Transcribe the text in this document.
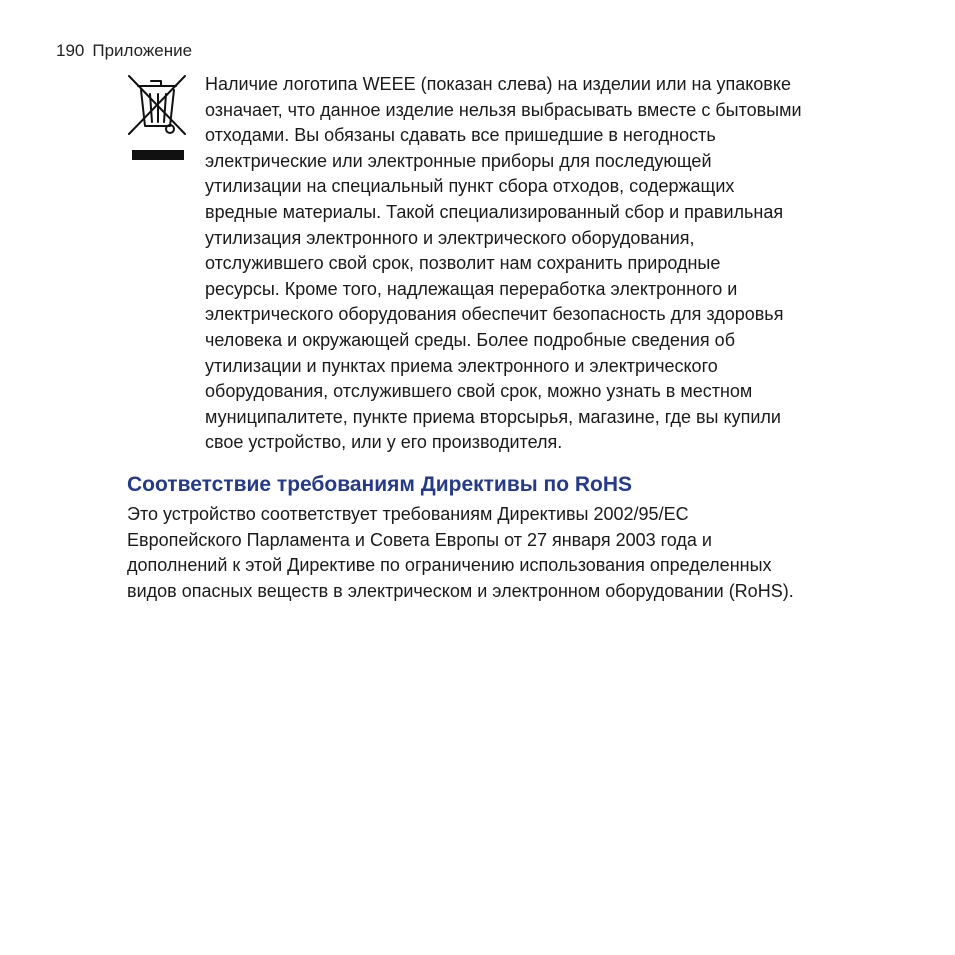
190 Приложение
Наличие логотипа WEEE (показан слева) на изделии или на упаковке
означает, что данное изделие нельзя выбрасывать вместе с бытовыми
отходами. Вы обязаны сдавать все пришедшие в негодность
электрические или электронные приборы для последующей
утилизации на специальный пункт сбора отходов, содержащих
вредные материалы. Такой специализированный сбор и правильная
утилизация электронного и электрического оборудования,
отслужившего свой срок, позволит нам сохранить природные
ресурсы. Кроме того, надлежащая переработка электронного и
электрического оборудования обеспечит безопасность для здоровья
человека и окружающей среды. Более подробные сведения об
утилизации и пунктах приема электронного и электрического
оборудования, отслужившего свой срок, можно узнать в местном
муниципалитете, пункте приема вторсырья, магазине, где вы купили
свое устройство, или у его производителя.
Соответствие требованиям Директивы по RoHS
Это устройство соответствует требованиям Директивы 2002/95/EC
Европейского Парламента и Совета Европы от 27 января 2003 года и
дополнений к этой Директиве по ограничению использования определенных
видов опасных веществ в электрическом и электронном оборудовании (RoHS).
